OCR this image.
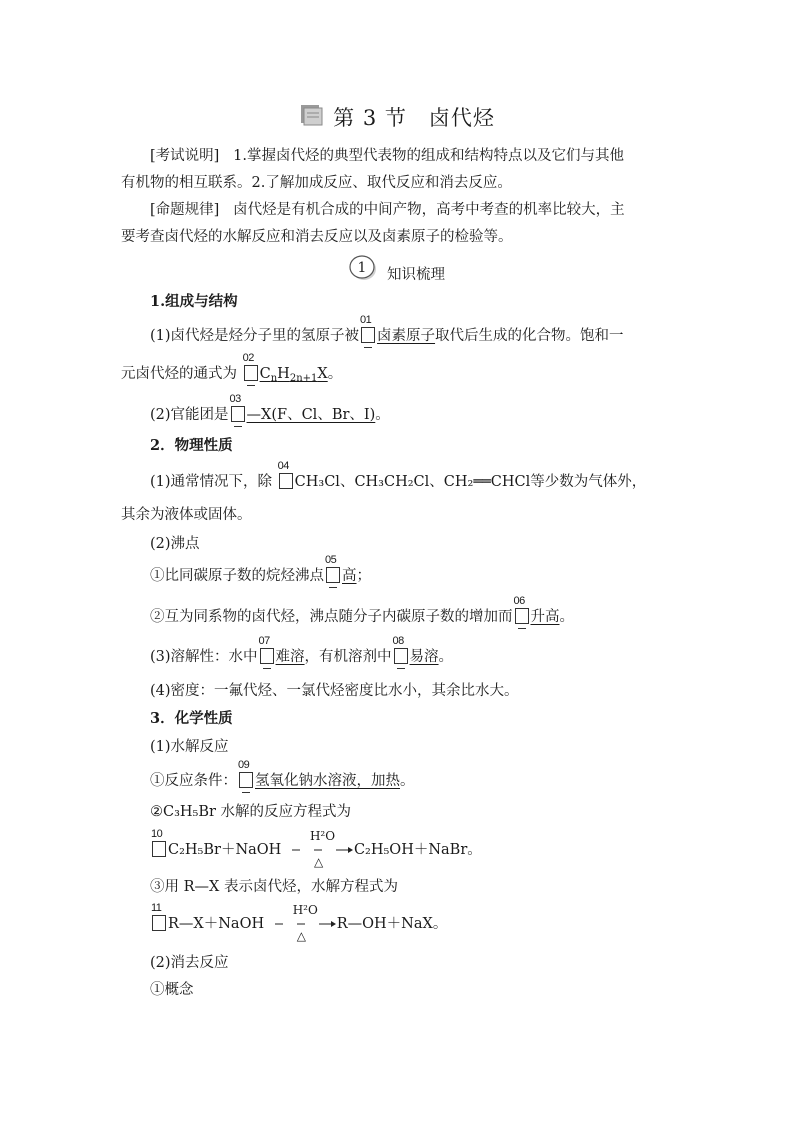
第 3 节 卤代烃
[考试说明] 1.掌握卤代烃的典型代表物的组成和结构特点以及它们与其他
有机物的相互联系。2.了解加成反应、取代反应和消去反应。
[命题规律] 卤代烃是有机合成的中间产物，高考中考查的机率比较大，主
要考查卤代烃的水解反应和消去反应以及卤素原子的检验等。
1 知识梳理
1.组成与结构
(1)卤代烃是烃分子里的氢原子被
01
卤素原子取代后生成的化合物。饱和一
元卤代烃的通式为
02
$C_nH_{2n+1}X$。
(2)官能团是
03
—X(F、Cl、Br、I)。
2．物理性质
(1)通常情况下，除
04
CH₃Cl、CH₃CH₂Cl、CH₂══CHCl等少数为气体外，
其余为液体或固体。
(2)沸点
①比同碳原子数的烷烃沸点
05
高；
②互为同系物的卤代烃，沸点随分子内碳原子数的增加而
06
升高。
(3)溶解性：水中
07
难溶，有机溶剂中
08
易溶。
(4)密度：一氟代烃、一氯代烃密度比水小，其余比水大。
3．化学性质
(1)水解反应
①反应条件：
09
氢氧化钠水溶液，加热。
②C₃H₅Br 水解的反应方程式为
10
C₂H₅Br＋NaOH
H²O
△
C₂H₅OH＋NaBr。
③用 R—X 表示卤代烃，水解方程式为
11
R—X＋NaOH
H²O
△
R—OH＋NaX。
(2)消去反应
①概念
